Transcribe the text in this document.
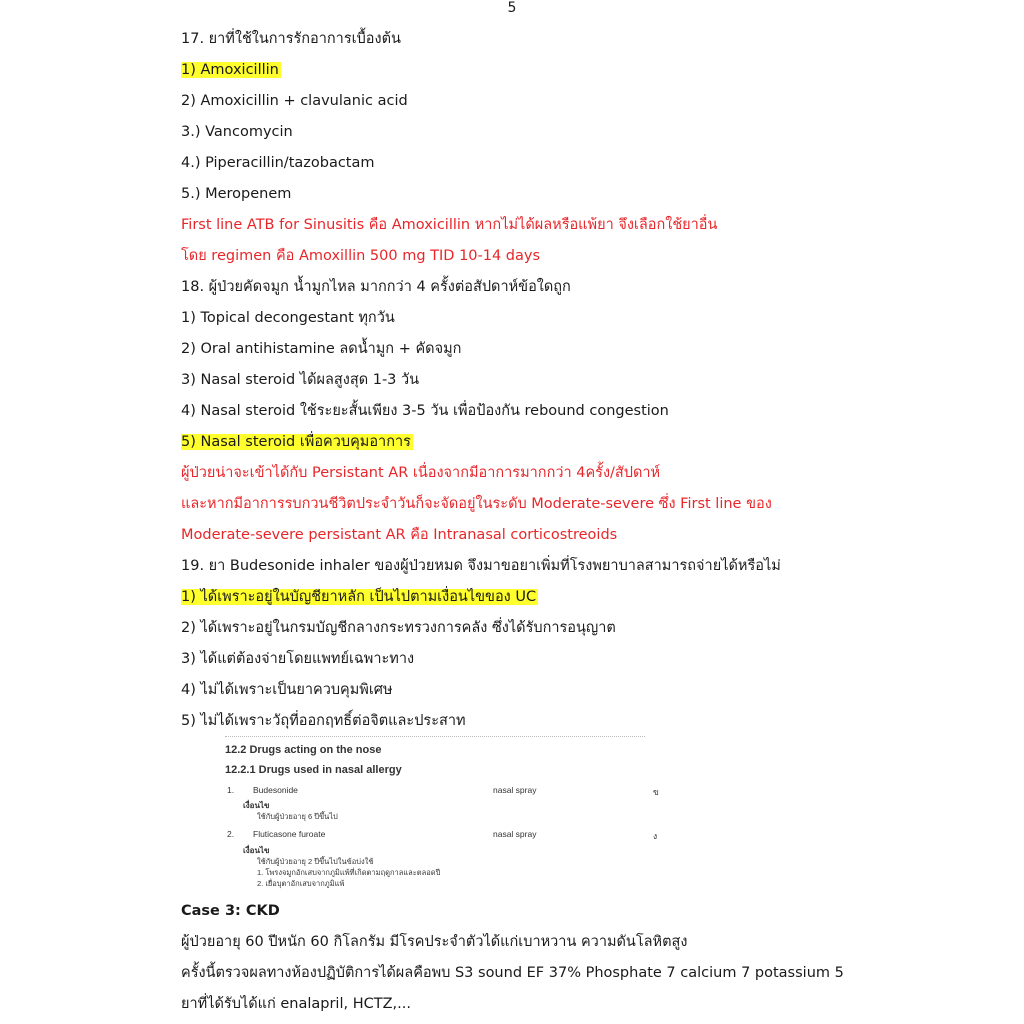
5
17. ยาที่ใช้ในการรักอาการเบื้องต้น
1) Amoxicillin
2) Amoxicillin + clavulanic acid
3.) Vancomycin
4.) Piperacillin/tazobactam
5.) Meropenem
First line ATB for Sinusitis คือ Amoxicillin หากไม่ได้ผลหรือแพ้ยา จึงเลือกใช้ยาอื่น
โดย regimen คือ Amoxillin 500 mg TID 10-14 days
18. ผู้ป่วยคัดจมูก น้ำมูกไหล มากกว่า 4 ครั้งต่อสัปดาห์ข้อใดถูก
1) Topical decongestant ทุกวัน
2) Oral antihistamine ลดน้ำมูก + คัดจมูก
3) Nasal steroid ได้ผลสูงสุด 1-3 วัน
4) Nasal steroid ใช้ระยะสั้นเพียง 3-5 วัน เพื่อป้องกัน rebound congestion
5) Nasal steroid เพื่อควบคุมอาการ
ผู้ป่วยน่าจะเข้าได้กับ Persistant AR เนื่องจากมีอาการมากกว่า 4ครั้ง/สัปดาห์
และหากมีอาการรบกวนชีวิตประจำวันก็จะจัดอยู่ในระดับ Moderate-severe ซึ่ง First line ของ
Moderate-severe persistant AR คือ Intranasal corticostreoids
19. ยา Budesonide inhaler ของผู้ป่วยหมด จึงมาขอยาเพิ่มที่โรงพยาบาลสามารถจ่ายได้หรือไม่
1) ได้เพราะอยู่ในบัญชียาหลัก เป็นไปตามเงื่อนไขของ UC
2) ได้เพราะอยู่ในกรมบัญชีกลางกระทรวงการคลัง ซึ่งได้รับการอนุญาต
3) ได้แต่ต้องจ่ายโดยแพทย์เฉพาะทาง
4) ไม่ได้เพราะเป็นยาควบคุมพิเศษ
5) ไม่ได้เพราะวัถุที่ออกฤทธิ์ต่อจิตและประสาท
12.2 Drugs acting on the nose
12.2.1 Drugs used in nasal allergy
1. Budesonide	nasal spray	ข
เงื่อนไข
ใช้กับผู้ป่วยอายุ 6 ปีขึ้นไป
2. Fluticasone furoate	nasal spray	ง
เงื่อนไข
ใช้กับผู้ป่วยอายุ 2 ปีขึ้นไปในข้อบ่งใช้
1. โพรงจมูกอักเสบจากภูมิแพ้ที่เกิดตามฤดูกาลและตลอดปี
2. เยื่อบุตาอักเสบจากภูมิแพ้
Case 3: CKD
ผู้ป่วยอายุ 60 ปีหนัก 60 กิโลกรัม มีโรคประจำตัวได้แก่เบาหวาน ความดันโลหิตสูง
ครั้งนี้ตรวจผลทางห้องปฏิบัติการได้ผลคือพบ S3 sound EF 37% Phosphate 7 calcium 7 potassium 5
ยาที่ได้รับได้แก่ enalapril, HCTZ,...
